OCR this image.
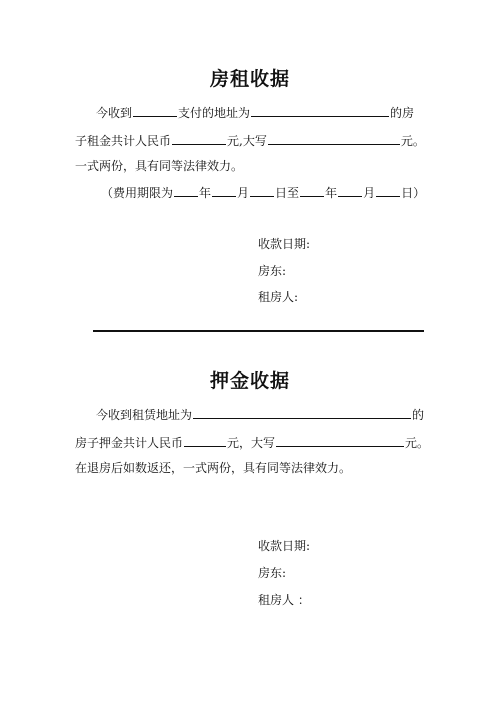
房租收据
今收到	支付的地址为	的房
子租金共计人民币	元,大写	元。
一式两份，具有同等法律效力。
（费用期限为 年 月 日至 年 月 日）
收款日期:
房东:
租房人:
押金收据
今收到租赁地址为	的
房子押金共计人民币	元，大写	元。
在退房后如数返还，一式两份，具有同等法律效力。
收款日期:
房东:
租房人 ：
